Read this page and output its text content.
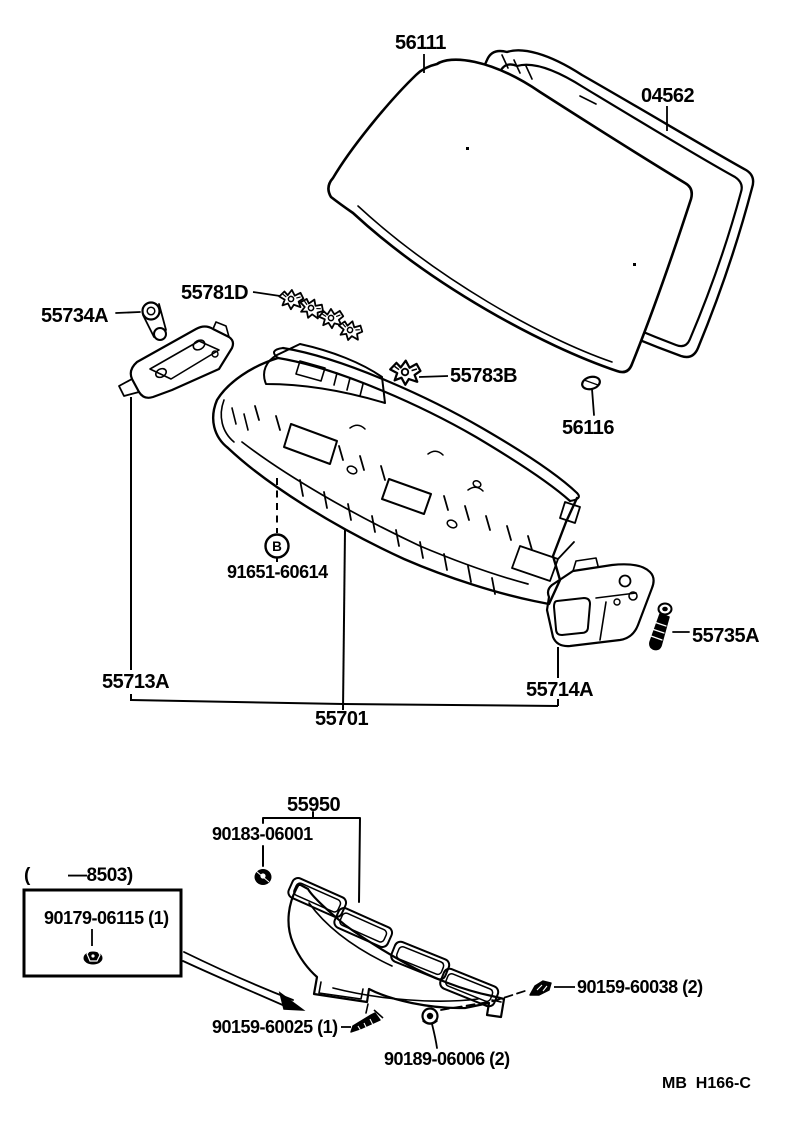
B
56111
04562
55781D
55734A
55783B
56116
91651-60614
55713A	55714A
55735A
55701
55950
90183-06001
(        —8503)
90179-06115 (1)
90159-60025 (1)
90189-06006 (2)
90159-60038 (2)
MB  H166-C
